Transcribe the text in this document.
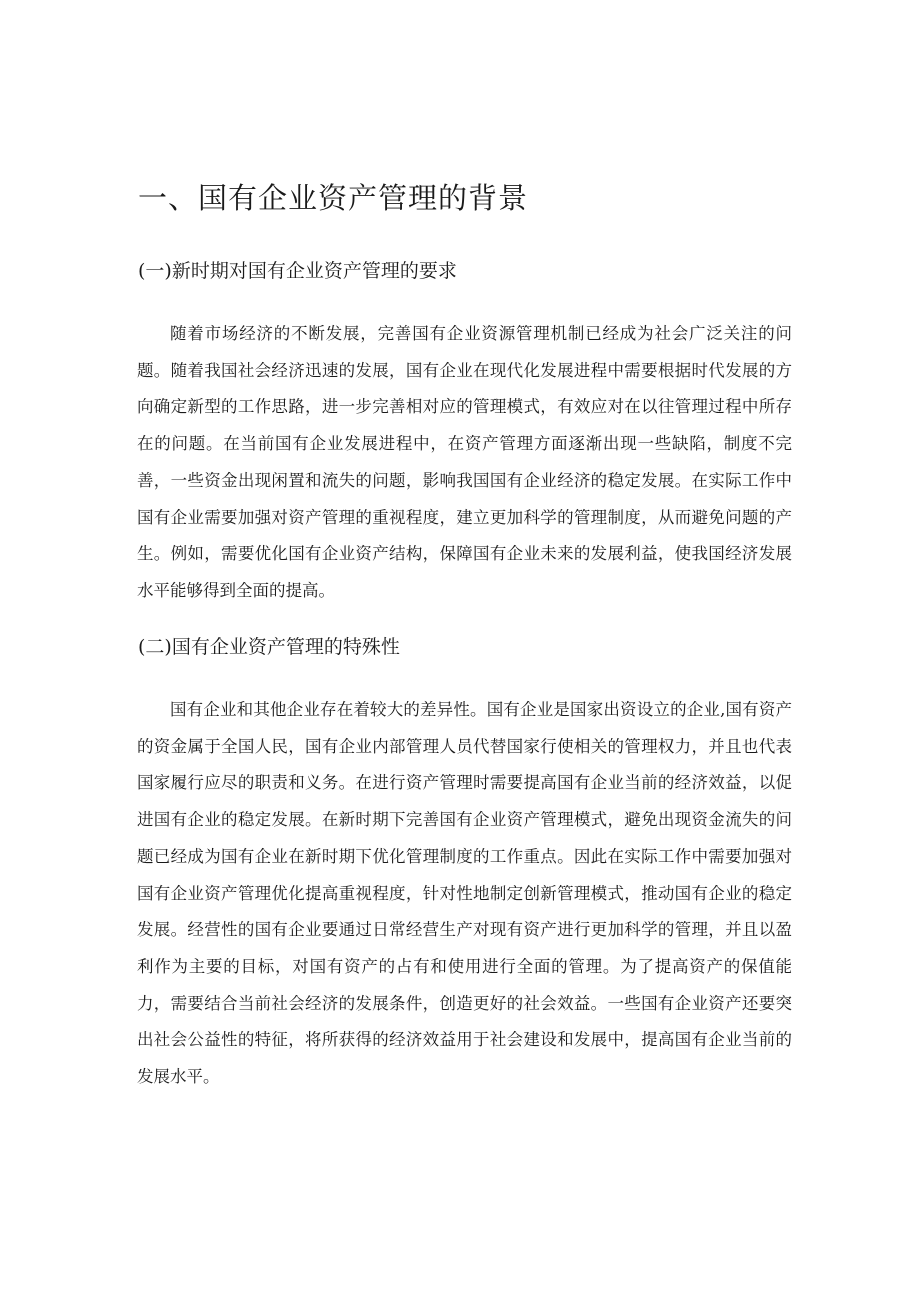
一、国有企业资产管理的背景
(一)新时期对国有企业资产管理的要求
随着市场经济的不断发展，完善国有企业资源管理机制已经成为社会广泛关注的问题。随着我国社会经济迅速的发展，国有企业在现代化发展进程中需要根据时代发展的方向确定新型的工作思路，进一步完善相对应的管理模式，有效应对在以往管理过程中所存在的问题。在当前国有企业发展进程中，在资产管理方面逐渐出现一些缺陷，制度不完善，一些资金出现闲置和流失的问题，影响我国国有企业经济的稳定发展。在实际工作中国有企业需要加强对资产管理的重视程度，建立更加科学的管理制度，从而避免问题的产生。例如，需要优化国有企业资产结构，保障国有企业未来的发展利益，使我国经济发展水平能够得到全面的提高。
(二)国有企业资产管理的特殊性
国有企业和其他企业存在着较大的差异性。国有企业是国家出资设立的企业,国有资产的资金属于全国人民，国有企业内部管理人员代替国家行使相关的管理权力，并且也代表国家履行应尽的职责和义务。在进行资产管理时需要提高国有企业当前的经济效益，以促进国有企业的稳定发展。在新时期下完善国有企业资产管理模式，避免出现资金流失的问题已经成为国有企业在新时期下优化管理制度的工作重点。因此在实际工作中需要加强对国有企业资产管理优化提高重视程度，针对性地制定创新管理模式，推动国有企业的稳定发展。经营性的国有企业要通过日常经营生产对现有资产进行更加科学的管理，并且以盈利作为主要的目标，对国有资产的占有和使用进行全面的管理。为了提高资产的保值能力，需要结合当前社会经济的发展条件，创造更好的社会效益。一些国有企业资产还要突出社会公益性的特征，将所获得的经济效益用于社会建设和发展中，提高国有企业当前的发展水平。
